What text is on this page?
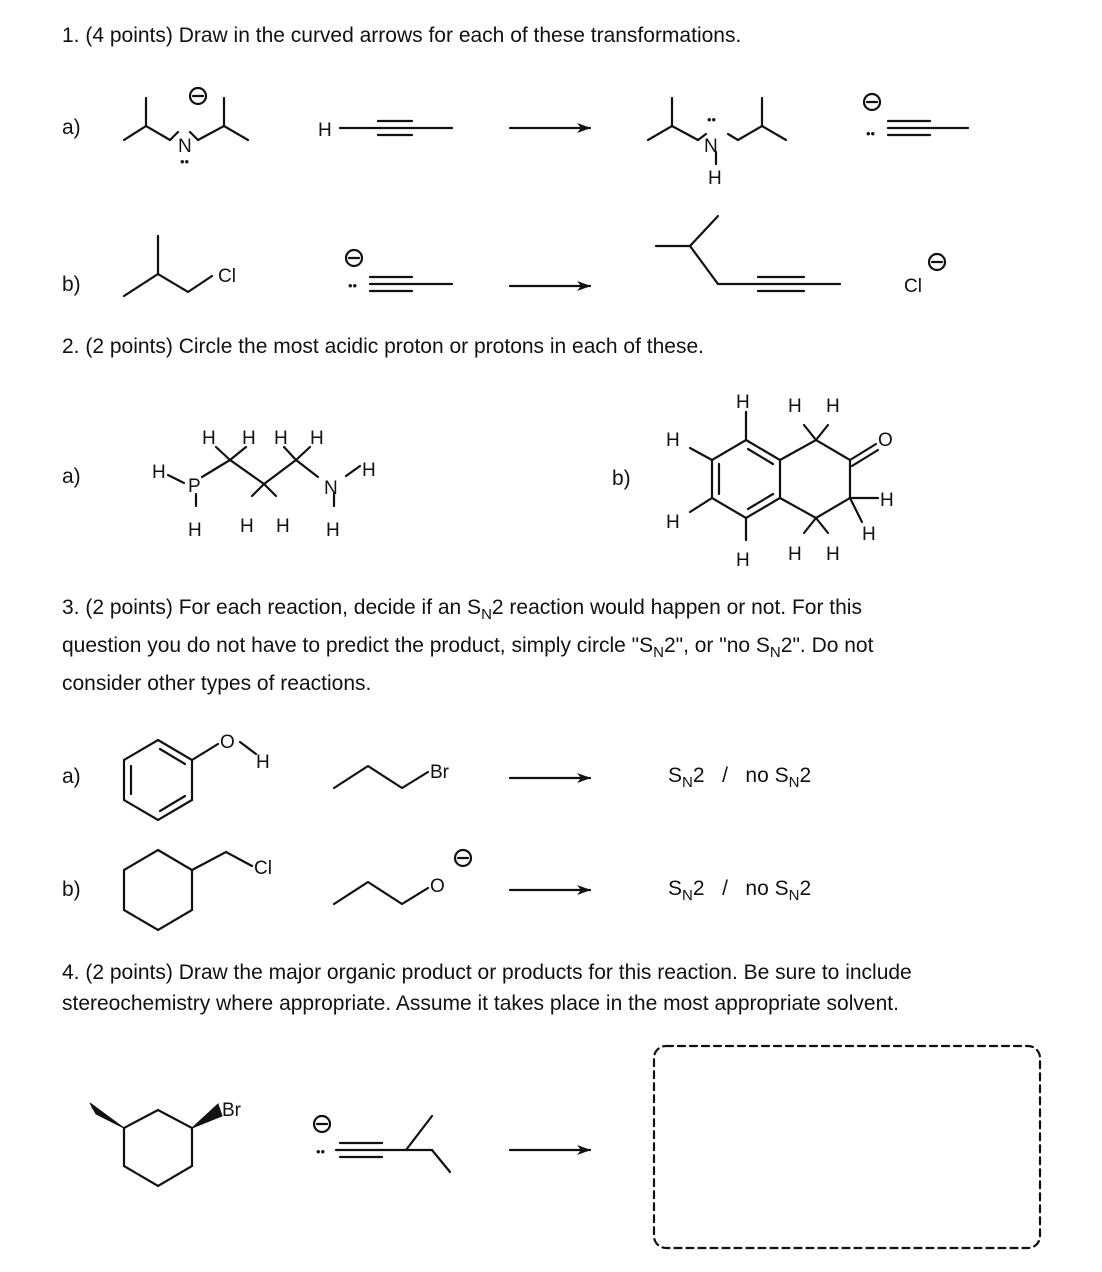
1. (4 points) Draw in the curved arrows for each of these transformations.

2. (2 points) Circle the most acidic proton or protons in each of these.

3. (2 points) For each reaction, decide if an $S_N2$ reaction would happen or not. For this
question you do not have to predict the product, simply circle "$S_N2$", or "no $S_N2$". Do not
consider other types of reactions.
4. (2 points) Draw the major organic product or products for this reaction. Be sure to include
stereochemistry where appropriate. Assume it takes place in the most appropriate solvent.
a)
b)
a)	b)
a)
b)
$S_N2$ / no $S_N2$
$S_N2$ / no $S_N2$
N	N
H
H
••
••
••
Cl	Cl
••
H
P
H
H H H H
H H
N
H
H
H H H
H
H
O
H
H
H H H
O
H	Br
Cl
O
Br
••
